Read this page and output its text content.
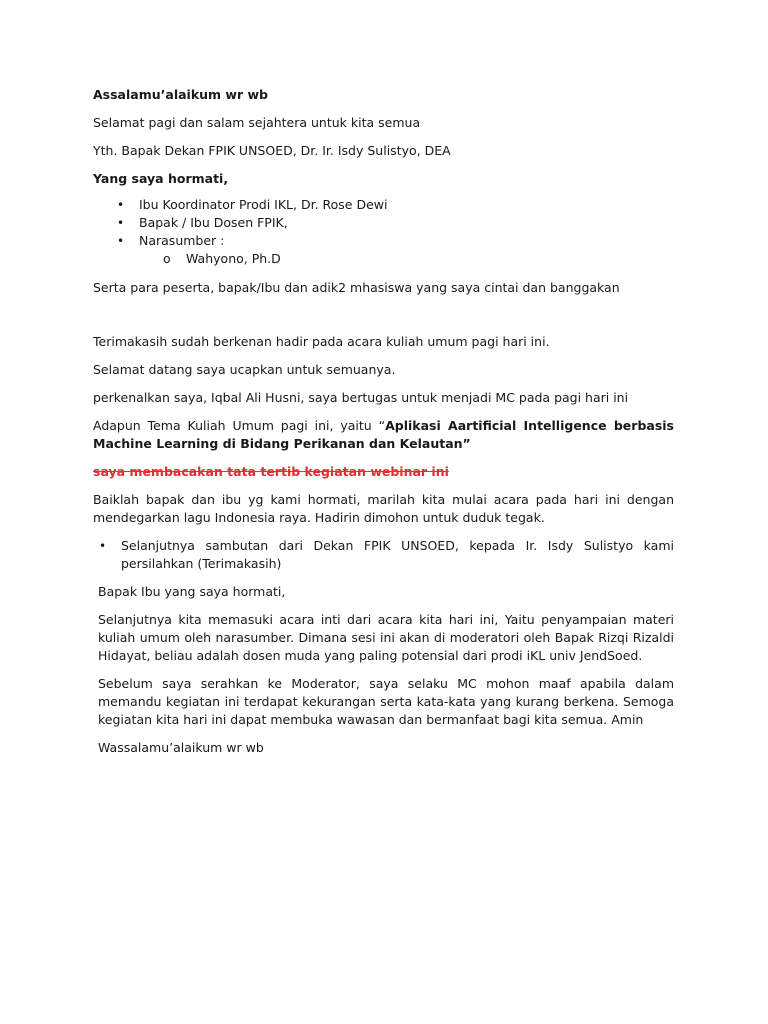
Assalamu’alaikum wr wb

Selamat pagi dan salam sejahtera untuk kita semua

Yth. Bapak Dekan FPIK UNSOED, Dr. Ir. Isdy Sulistyo, DEA

Yang saya hormati,

• Ibu Koordinator Prodi IKL, Dr. Rose Dewi
• Bapak / Ibu Dosen FPIK,
• Narasumber :
o Wahyono, Ph.D

Serta para peserta, bapak/Ibu dan adik2 mhasiswa yang saya cintai dan banggakan

Terimakasih sudah berkenan hadir pada acara kuliah umum pagi hari ini.

Selamat datang saya ucapkan untuk semuanya.

perkenalkan saya, Iqbal Ali Husni, saya bertugas untuk menjadi MC pada pagi hari ini

Adapun Tema Kuliah Umum pagi ini, yaitu “Aplikasi Aartificial Intelligence berbasis Machine Learning di Bidang Perikanan dan Kelautan”

saya membacakan tata tertib kegiatan webinar ini

Baiklah bapak dan ibu yg kami hormati, marilah kita mulai acara pada hari ini dengan mendegarkan lagu Indonesia raya. Hadirin dimohon untuk duduk tegak.

• Selanjutnya sambutan dari Dekan FPIK UNSOED, kepada Ir. Isdy Sulistyo kami persilahkan (Terimakasih)

Bapak Ibu yang saya hormati,

Selanjutnya kita memasuki acara inti dari acara kita hari ini, Yaitu penyampaian materi kuliah umum oleh narasumber. Dimana sesi ini akan di moderatori oleh Bapak Rizqi Rizaldi Hidayat, beliau adalah dosen muda yang paling potensial dari prodi iKL univ JendSoed.

Sebelum saya serahkan ke Moderator, saya selaku MC mohon maaf apabila dalam memandu kegiatan ini terdapat kekurangan serta kata-kata yang kurang berkena. Semoga kegiatan kita hari ini dapat membuka wawasan dan bermanfaat bagi kita semua. Amin

Wassalamu’alaikum wr wb
